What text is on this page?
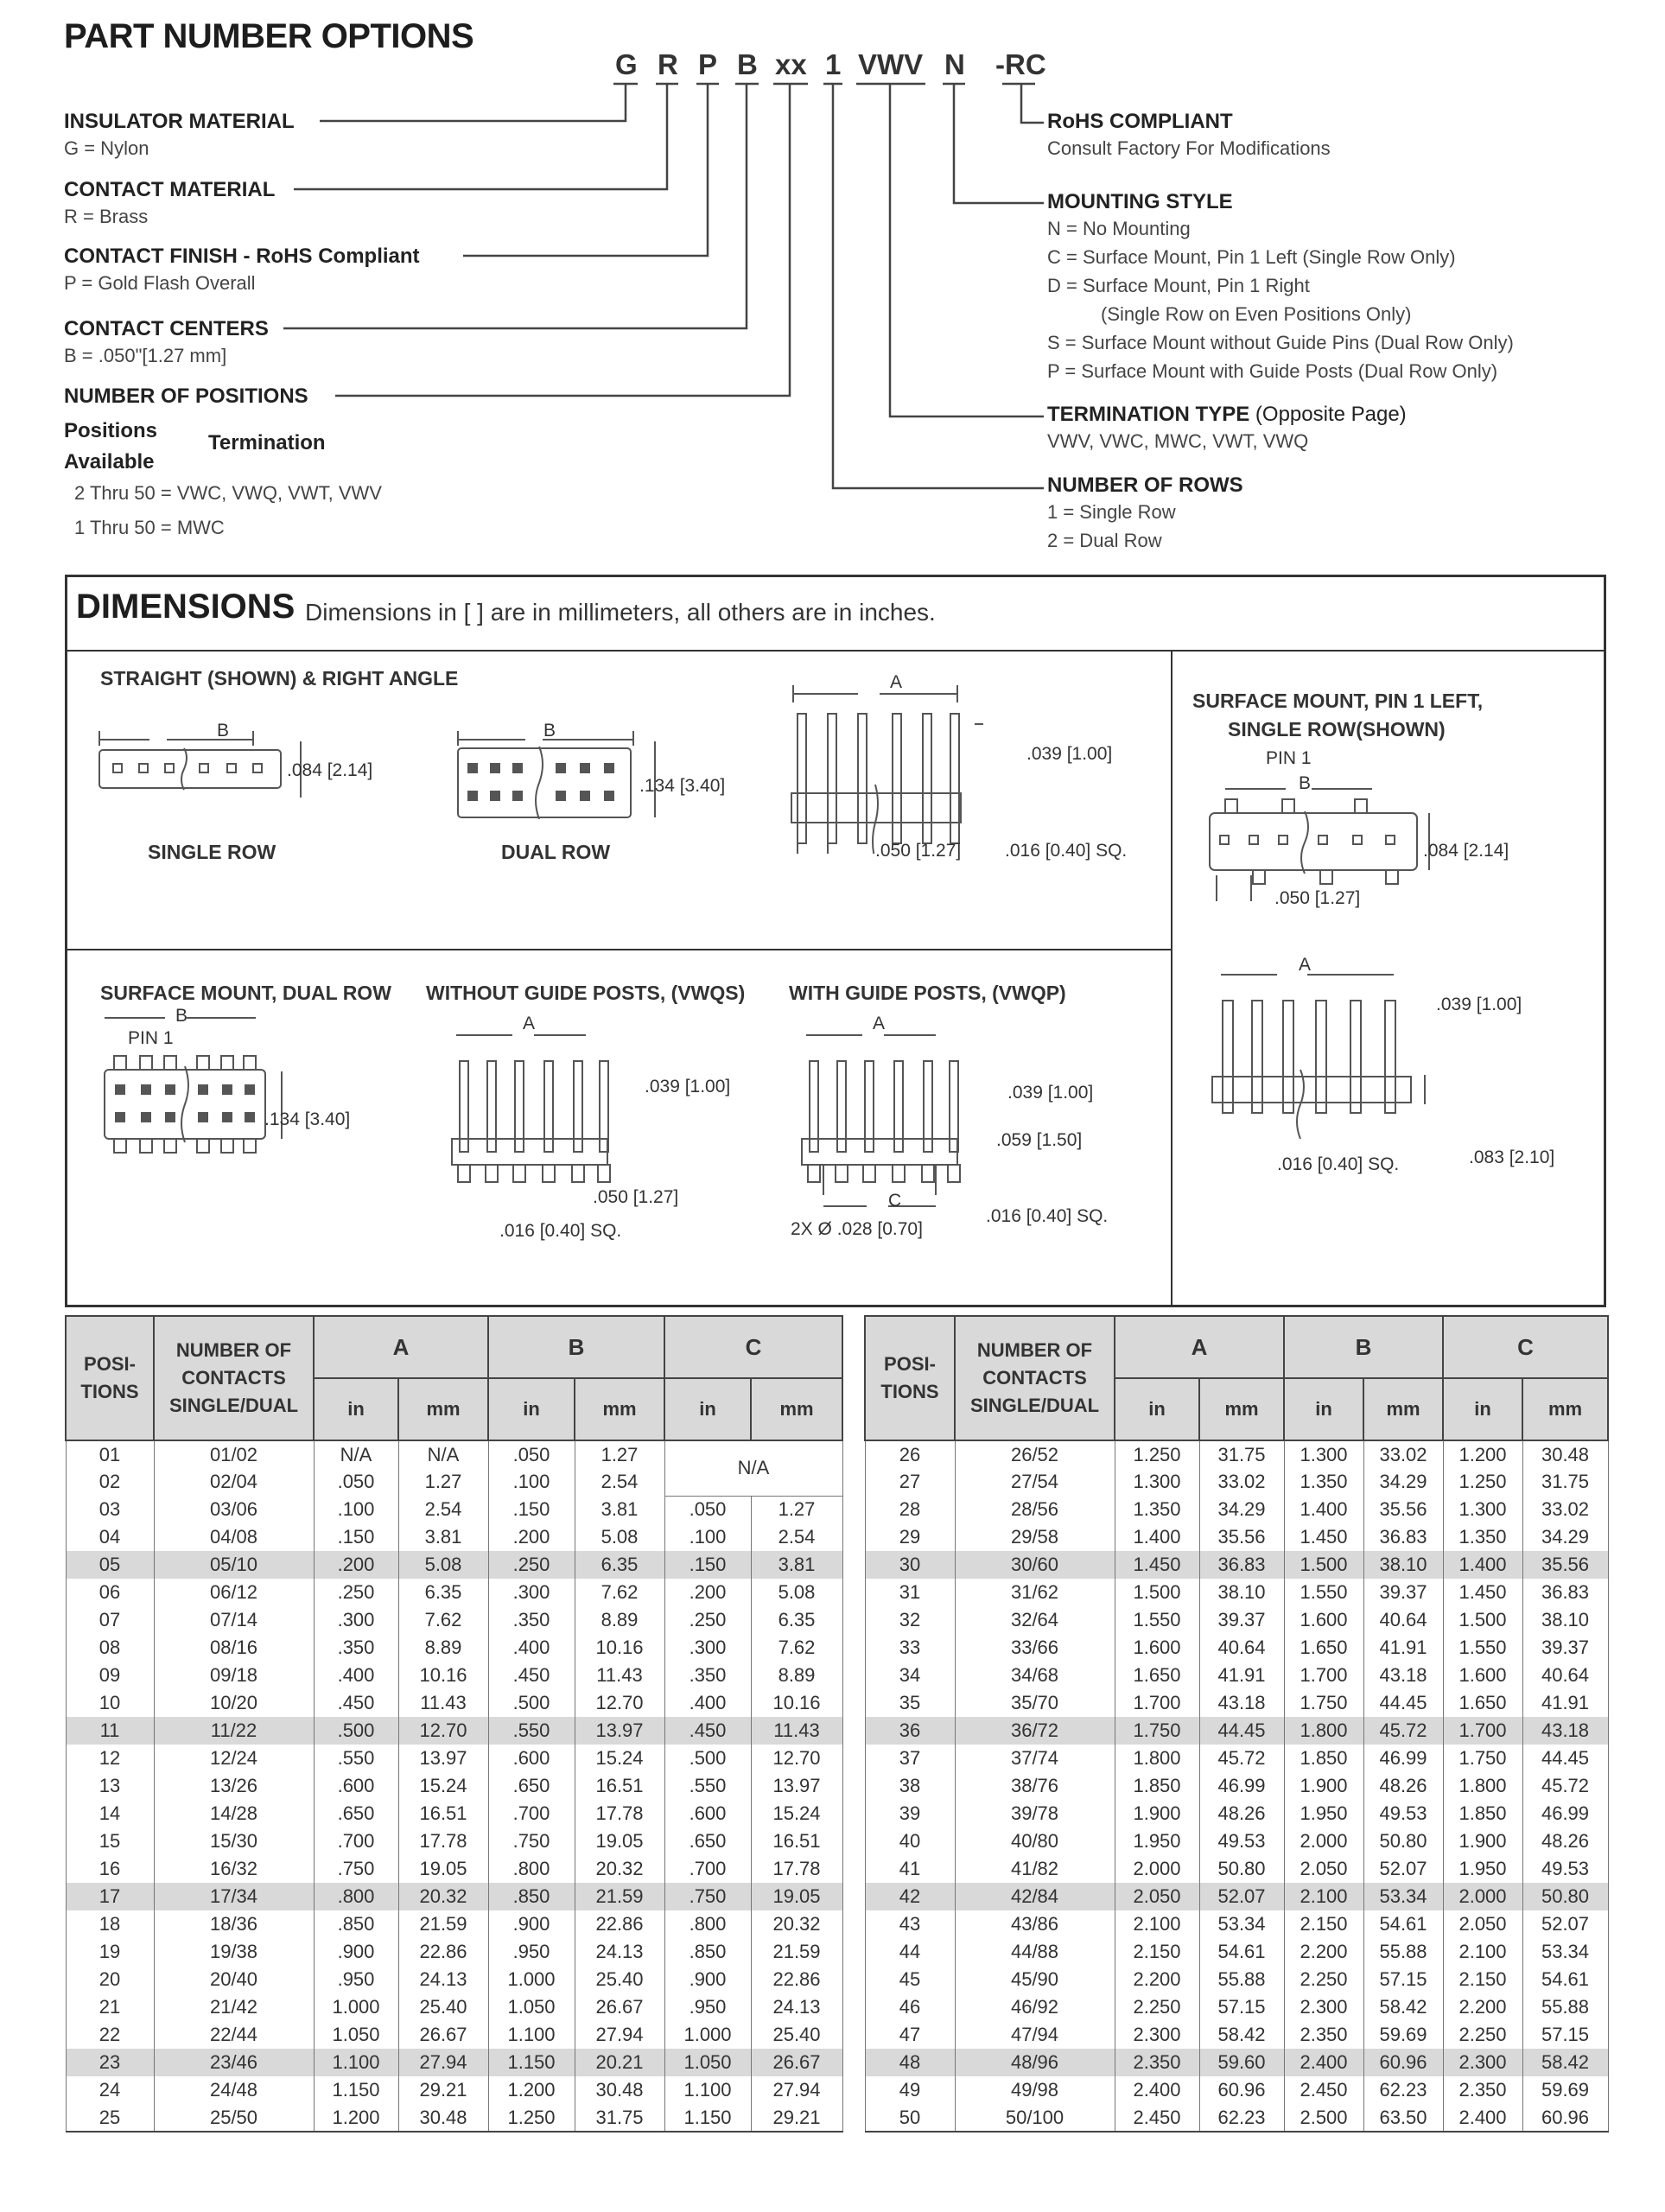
PART NUMBER OPTIONS
G R P B xx 1 VWV N -RC
INSULATOR MATERIAL
G = Nylon
CONTACT MATERIAL
R = Brass
CONTACT FINISH - RoHS Compliant
P = Gold Flash Overall
CONTACT CENTERS
B = .050"[1.27 mm]
NUMBER OF POSITIONS
Positions
Available
Termination
2 Thru 50 = VWC, VWQ, VWT, VWV
1 Thru 50 = MWC
RoHS COMPLIANT
Consult Factory For Modifications
MOUNTING STYLE
N = No Mounting
C = Surface Mount, Pin 1 Left (Single Row Only)
D = Surface Mount, Pin 1 Right
(Single Row on Even Positions Only)
S = Surface Mount without Guide Pins (Dual Row Only)
P = Surface Mount with Guide Posts (Dual Row Only)
TERMINATION TYPE (Opposite Page)
VWV, VWC, MWC, VWT, VWQ
NUMBER OF ROWS
1 = Single Row
2 = Dual Row
DIMENSIONS Dimensions in [ ] are in millimeters, all others are in inches.
STRAIGHT (SHOWN) & RIGHT ANGLE
B
.084 [2.14]
SINGLE ROW
B
.134 [3.40]
DUAL ROW
A
.039 [1.00]
.050 [1.27] .016 [0.40] SQ.
SURFACE MOUNT, PIN 1 LEFT,
SINGLE ROW(SHOWN)
PIN 1
B
.084 [2.14]
.050 [1.27]
A
.039 [1.00]
.016 [0.40] SQ.	.083 [2.10]
SURFACE MOUNT, DUAL ROW WITHOUT GUIDE POSTS, (VWQS) WITH GUIDE POSTS, (VWQP)
B
PIN 1
.134 [3.40]
A
.039 [1.00]
.050 [1.27]
.016 [0.40] SQ.
A
.039 [1.00]
.059 [1.50]
C
.016 [0.40] SQ.
2X Ø .028 [0.70]
POSI-
TIONS	NUMBER OF
CONTACTS
SINGLE/DUAL	A		B		C	
		in	mm	in	mm	in	mm
01	01/02	N/A	N/A	.050	1.27	N/A	
02	02/04	.050	1.27	.100	2.54		
03	03/06	.100	2.54	.150	3.81	.050	1.27
04	04/08	.150	3.81	.200	5.08	.100	2.54
05	05/10	.200	5.08	.250	6.35	.150	3.81
06	06/12	.250	6.35	.300	7.62	.200	5.08
07	07/14	.300	7.62	.350	8.89	.250	6.35
08	08/16	.350	8.89	.400	10.16	.300	7.62
09	09/18	.400	10.16	.450	11.43	.350	8.89
10	10/20	.450	11.43	.500	12.70	.400	10.16
11	11/22	.500	12.70	.550	13.97	.450	11.43
12	12/24	.550	13.97	.600	15.24	.500	12.70
13	13/26	.600	15.24	.650	16.51	.550	13.97
14	14/28	.650	16.51	.700	17.78	.600	15.24
15	15/30	.700	17.78	.750	19.05	.650	16.51
16	16/32	.750	19.05	.800	20.32	.700	17.78
17	17/34	.800	20.32	.850	21.59	.750	19.05
18	18/36	.850	21.59	.900	22.86	.800	20.32
19	19/38	.900	22.86	.950	24.13	.850	21.59
20	20/40	.950	24.13	1.000	25.40	.900	22.86
21	21/42	1.000	25.40	1.050	26.67	.950	24.13
22	22/44	1.050	26.67	1.100	27.94	1.000	25.40
23	23/46	1.100	27.94	1.150	20.21	1.050	26.67
24	24/48	1.150	29.21	1.200	30.48	1.100	27.94
25	25/50	1.200	30.48	1.250	31.75	1.150	29.21
POSI-
TIONS	NUMBER OF
CONTACTS
SINGLE/DUAL	A		B		C	
		in	mm	in	mm	in	mm
26	26/52	1.250	31.75	1.300	33.02	1.200	30.48
27	27/54	1.300	33.02	1.350	34.29	1.250	31.75
28	28/56	1.350	34.29	1.400	35.56	1.300	33.02
29	29/58	1.400	35.56	1.450	36.83	1.350	34.29
30	30/60	1.450	36.83	1.500	38.10	1.400	35.56
31	31/62	1.500	38.10	1.550	39.37	1.450	36.83
32	32/64	1.550	39.37	1.600	40.64	1.500	38.10
33	33/66	1.600	40.64	1.650	41.91	1.550	39.37
34	34/68	1.650	41.91	1.700	43.18	1.600	40.64
35	35/70	1.700	43.18	1.750	44.45	1.650	41.91
36	36/72	1.750	44.45	1.800	45.72	1.700	43.18
37	37/74	1.800	45.72	1.850	46.99	1.750	44.45
38	38/76	1.850	46.99	1.900	48.26	1.800	45.72
39	39/78	1.900	48.26	1.950	49.53	1.850	46.99
40	40/80	1.950	49.53	2.000	50.80	1.900	48.26
41	41/82	2.000	50.80	2.050	52.07	1.950	49.53
42	42/84	2.050	52.07	2.100	53.34	2.000	50.80
43	43/86	2.100	53.34	2.150	54.61	2.050	52.07
44	44/88	2.150	54.61	2.200	55.88	2.100	53.34
45	45/90	2.200	55.88	2.250	57.15	2.150	54.61
46	46/92	2.250	57.15	2.300	58.42	2.200	55.88
47	47/94	2.300	58.42	2.350	59.69	2.250	57.15
48	48/96	2.350	59.60	2.400	60.96	2.300	58.42
49	49/98	2.400	60.96	2.450	62.23	2.350	59.69
50	50/100	2.450	62.23	2.500	63.50	2.400	60.96
